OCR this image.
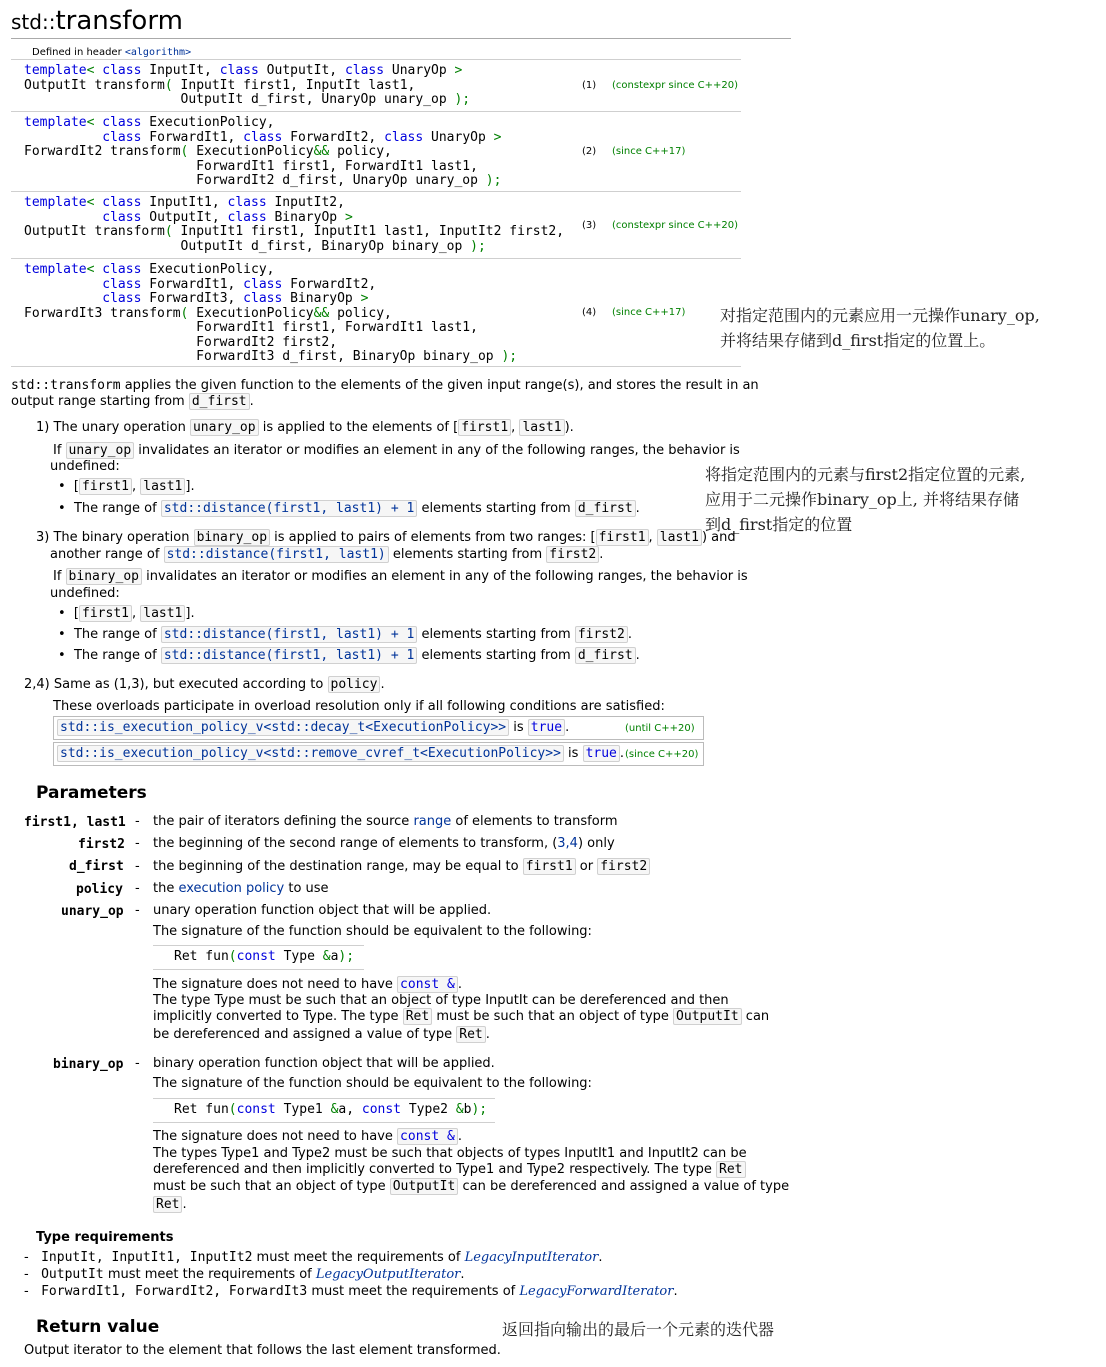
std::transform
Defined in header <algorithm>
template< class InputIt, class OutputIt, class UnaryOp >
OutputIt transform( InputIt first1, InputIt last1,
OutputIt d_first, UnaryOp unary_op );
(1) (constexpr since C++20)
template< class ExecutionPolicy,
class ForwardIt1, class ForwardIt2, class UnaryOp >
ForwardIt2 transform( ExecutionPolicy&& policy,
ForwardIt1 first1, ForwardIt1 last1,
ForwardIt2 d_first, UnaryOp unary_op );
(2) (since C++17)
template< class InputIt1, class InputIt2,
class OutputIt, class BinaryOp >
OutputIt transform( InputIt1 first1, InputIt1 last1, InputIt2 first2,
OutputIt d_first, BinaryOp binary_op );
(3) (constexpr since C++20)
template< class ExecutionPolicy,
class ForwardIt1, class ForwardIt2,
class ForwardIt3, class BinaryOp >
ForwardIt3 transform( ExecutionPolicy&& policy,
ForwardIt1 first1, ForwardIt1 last1,
ForwardIt2 first2,
ForwardIt3 d_first, BinaryOp binary_op );
(4) (since C++17) 对指定范围内的元素应用一元操作unary_op,
并将结果存储到d_first指定的位置上。
std::transform applies the given function to the elements of the given input range(s), and stores the result in an
output range starting from d_first .
1) The unary operation unary_op is applied to the elements of [ first1 , last1 ).
If unary_op invalidates an iterator or modifies an element in any of the following ranges, the behavior is
undefined:
•  [ first1 , last1 ].
•  The range of std::distance(first1, last1) + 1 elements starting from d_first .
将指定范围内的元素与first2指定位置的元素,
应用于二元操作binary_op上, 并将结果存储
到d_first指定的位置
3) The binary operation binary_op is applied to pairs of elements from two ranges: [ first1 , last1 ) and
another range of std::distance(first1, last1) elements starting from first2 .
If binary_op invalidates an iterator or modifies an element in any of the following ranges, the behavior is
undefined:
•  [ first1 , last1 ].
•  The range of std::distance(first1, last1) + 1 elements starting from first2 .
•  The range of std::distance(first1, last1) + 1 elements starting from d_first .
2,4) Same as (1,3), but executed according to policy .
These overloads participate in overload resolution only if all following conditions are satisfied:
std::is_execution_policy_v<std::decay_t<ExecutionPolicy>> is true .	(until C++20)
std::is_execution_policy_v<std::remove_cvref_t<ExecutionPolicy>> is true . (since C++20)
Parameters
first1, last1 - the pair of iterators defining the source range of elements to transform
first2 - the beginning of the second range of elements to transform, (3,4) only
d_first - the beginning of the destination range, may be equal to first1 or first2
policy - the execution policy to use
unary_op - unary operation function object that will be applied.
The signature of the function should be equivalent to the following:
Ret fun(const Type &a);
The signature does not need to have const & .
The type Type must be such that an object of type InputIt can be dereferenced and then
implicitly converted to Type. The type Ret must be such that an object of type OutputIt can
be dereferenced and assigned a value of type Ret .
binary_op - binary operation function object that will be applied.
The signature of the function should be equivalent to the following:
Ret fun(const Type1 &a, const Type2 &b);
The signature does not need to have const & .
The types Type1 and Type2 must be such that objects of types InputIt1 and InputIt2 can be
dereferenced and then implicitly converted to Type1 and Type2 respectively. The type Ret
must be such that an object of type OutputIt can be dereferenced and assigned a value of type
Ret .
Type requirements
-   InputIt, InputIt1, InputIt2 must meet the requirements of LegacyInputIterator.
-   OutputIt must meet the requirements of LegacyOutputIterator.
-   ForwardIt1, ForwardIt2, ForwardIt3 must meet the requirements of LegacyForwardIterator.
Return value	返回指向输出的最后一个元素的迭代器
Output iterator to the element that follows the last element transformed.
